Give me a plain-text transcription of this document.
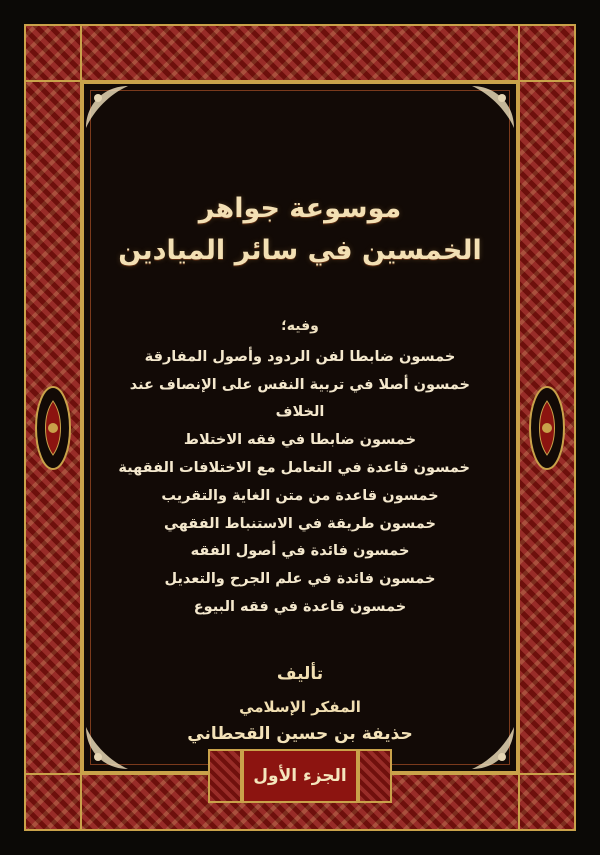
موسوعة جواهر
الخمسين في سائر الميادين
وفيه؛
خمسون ضابطا لفن الردود وأصول المفارقة
خمسون أصلا في تربية النفس على الإنصاف عند
الخلاف
خمسون ضابطا في فقه الاختلاط
خمسون قاعدة في التعامل مع الاختلافات الفقهية
خمسون قاعدة من متن الغاية والتقريب
خمسون طريقة في الاستنباط الفقهي
خمسون فائدة في أصول الفقه
خمسون فائدة في علم الجرح والتعديل
خمسون قاعدة في فقه البيوع
تأليف
المفكر الإسلامي
حذيفة بن حسين القحطاني
الجزء الأول
